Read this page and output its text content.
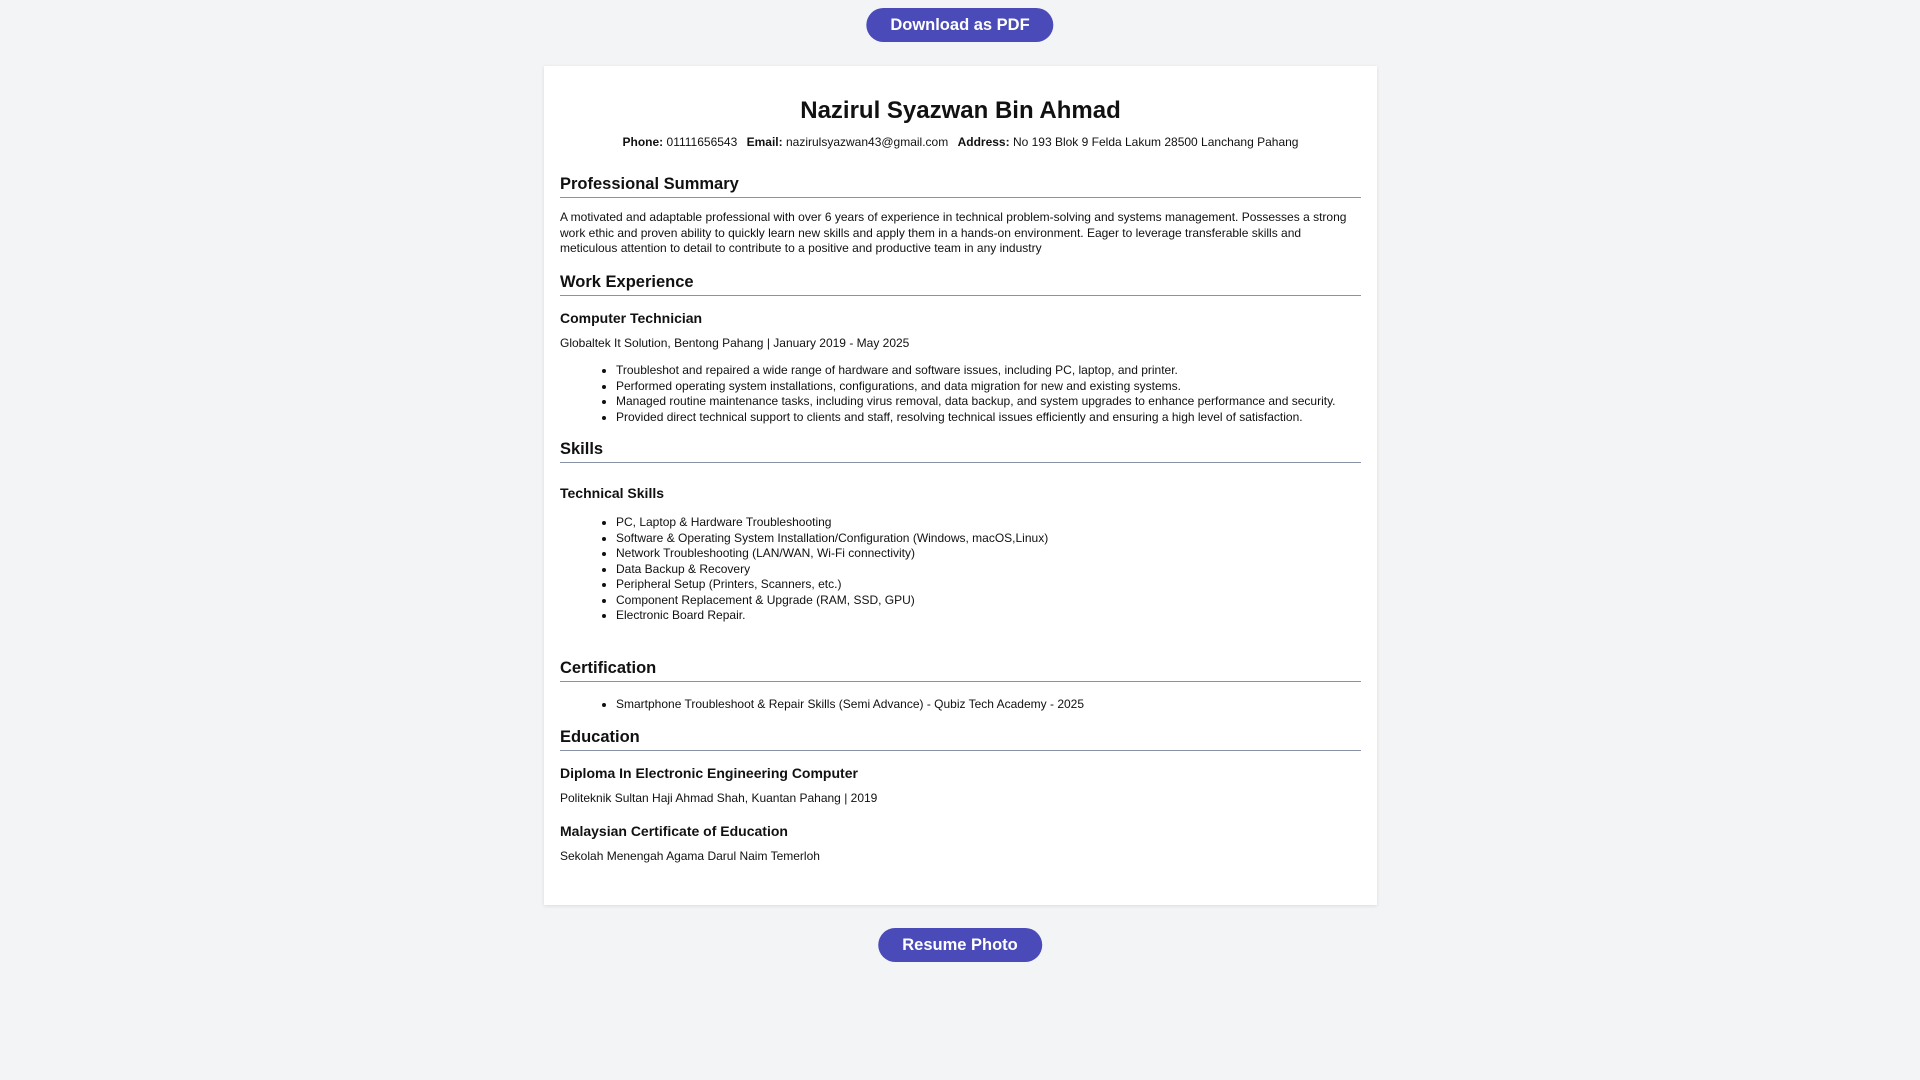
Download as PDF
Nazirul Syazwan Bin Ahmad
Phone: 01111656543 Email: nazirulsyazwan43@gmail.com Address: No 193 Blok 9 Felda Lakum 28500 Lanchang Pahang
Professional Summary

A motivated and adaptable professional with over 6 years of experience in technical problem-solving and systems management. Possesses a strong work ethic and proven ability to quickly learn new skills and apply them in a hands-on environment. Eager to leverage transferable skills and meticulous attention to detail to contribute to a positive and productive team in any industry

Work Experience
Computer Technician

Globaltek It Solution, Bentong Pahang | January 2019 - May 2025

• Troubleshot and repaired a wide range of hardware and software issues, including PC, laptop, and printer.
• Performed operating system installations, configurations, and data migration for new and existing systems.
• Managed routine maintenance tasks, including virus removal, data backup, and system upgrades to enhance performance and security.
• Provided direct technical support to clients and staff, resolving technical issues efficiently and ensuring a high level of satisfaction.
Skills
Technical Skills
• PC, Laptop & Hardware Troubleshooting
• Software & Operating System Installation/Configuration (Windows, macOS,Linux)
• Network Troubleshooting (LAN/WAN, Wi-Fi connectivity)
• Data Backup & Recovery
• Peripheral Setup (Printers, Scanners, etc.)
• Component Replacement & Upgrade (RAM, SSD, GPU)
• Electronic Board Repair.
Certification
• Smartphone Troubleshoot & Repair Skills (Semi Advance) - Qubiz Tech Academy - 2025
Education
Diploma In Electronic Engineering Computer

Politeknik Sultan Haji Ahmad Shah, Kuantan Pahang | 2019

Malaysian Certificate of Education

Sekolah Menengah Agama Darul Naim Temerloh

Resume Photo
